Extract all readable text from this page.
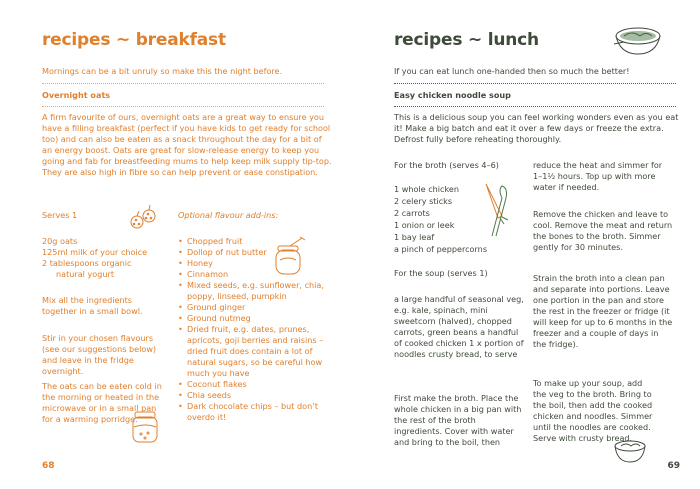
recipes ~ breakfast

Mornings can be a bit unruly so make this the night before.

Overnight oats

A firm favourite of ours, overnight oats are a great way to ensure you have a filling breakfast (perfect if you have kids to get ready for school too) and can also be eaten as a snack throughout the day for a bit of an energy boost. Oats are great for slow-release energy to keep you going and fab for breastfeeding mums to help keep milk supply tip-top. They are also high in fibre so can help prevent or ease constipation.

Serves 1

20g oats

125ml milk of your choice

2 tablespoons organic

natural yogurt

Mix all the ingredients together in a small bowl.

Stir in your chosen flavours (see our suggestions below) and leave in the fridge overnight.

The oats can be eaten cold in the morning or heated in the microwave or in a small pan for a warming porridge.

Optional flavour add-ins:

• Chopped fruit
• Dollop of nut butter
• Honey
• Cinnamon
• Mixed seeds, e.g. sunflower, chia, poppy, linseed, pumpkin
• Ground ginger
• Ground nutmeg
• Dried fruit, e.g. dates, prunes, apricots, goji berries and raisins – dried fruit does contain a lot of natural sugars, so be careful how much you have
• Coconut flakes
• Chia seeds
• Dark chocolate chips – but don’t overdo it!
68
recipes ~ lunch

If you can eat lunch one-handed then so much the better!

Easy chicken noodle soup

This is a delicious soup you can feel working wonders even as you eat it! Make a big batch and eat it over a few days or freeze the extra. Defrost fully before reheating thoroughly.

For the broth (serves 4–6)

1 whole chicken

2 celery sticks

2 carrots

1 onion or leek

1 bay leaf

a pinch of peppercorns

For the soup (serves 1)

a large handful of seasonal veg, e.g. kale, spinach, mini sweetcorn (halved), chopped carrots, green beans a handful of cooked chicken 1 x portion of noodles crusty bread, to serve

First make the broth. Place the whole chicken in a big pan with the rest of the broth ingredients. Cover with water and bring to the boil, then

reduce the heat and simmer for 1–1½ hours. Top up with more water if needed.

Remove the chicken and leave to cool. Remove the meat and return the bones to the broth. Simmer gently for 30 minutes.

Strain the broth into a clean pan and separate into portions. Leave one portion in the pan and store the rest in the freezer or fridge (it will keep for up to 6 months in the freezer and a couple of days in the fridge).

To make up your soup, add the veg to the broth. Bring to the boil, then add the cooked chicken and noodles. Simmer until the noodles are cooked. Serve with crusty bread.

69
